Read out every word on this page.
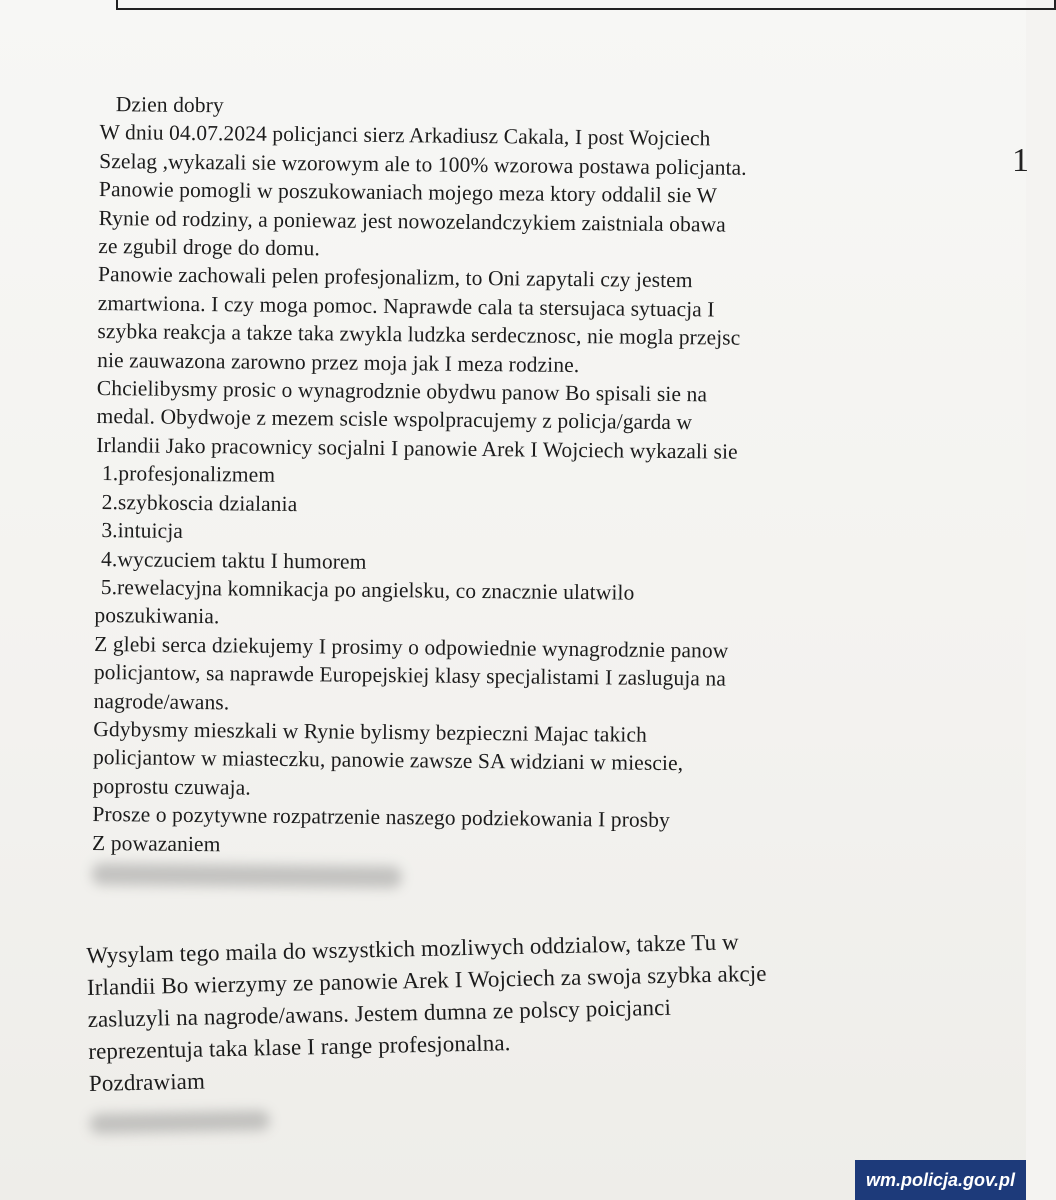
1
Dzien dobry
W dniu 04.07.2024 policjanci sierz Arkadiusz Cakala, I post Wojciech
Szelag ,wykazali sie wzorowym ale to 100% wzorowa postawa policjanta.
Panowie pomogli w poszukowaniach mojego meza ktory oddalil sie W
Rynie od rodziny, a poniewaz jest nowozelandczykiem zaistniala obawa
ze zgubil droge do domu.
Panowie zachowali pelen profesjonalizm, to Oni zapytali czy jestem
zmartwiona. I czy moga pomoc. Naprawde cala ta stersujaca sytuacja I
szybka reakcja a takze taka zwykla ludzka serdecznosc, nie mogla przejsc
nie zauwazona zarowno przez moja jak I meza rodzine.
Chcielibysmy prosic o wynagrodznie obydwu panow Bo spisali sie na
medal. Obydwoje z mezem scisle wspolpracujemy z policja/garda w
Irlandii Jako pracownicy socjalni I panowie Arek I Wojciech wykazali sie
1.profesjonalizmem
2.szybkoscia dzialania
3.intuicja
4.wyczuciem taktu I humorem
5.rewelacyjna komnikacja po angielsku, co znacznie ulatwilo
poszukiwania.
Z glebi serca dziekujemy I prosimy o odpowiednie wynagrodznie panow
policjantow, sa naprawde Europejskiej klasy specjalistami I zasluguja na
nagrode/awans.
Gdybysmy mieszkali w Rynie bylismy bezpieczni Majac takich
policjantow w miasteczku, panowie zawsze SA widziani w miescie,
poprostu czuwaja.
Prosze o pozytywne rozpatrzenie naszego podziekowania I prosby
Z powazaniem
Wysylam tego maila do wszystkich mozliwych oddzialow, takze Tu w
Irlandii Bo wierzymy ze panowie Arek I Wojciech za swoja szybka akcje
zasluzyli na nagrode/awans. Jestem dumna ze polscy poicjanci
reprezentuja taka klase I range profesjonalna.
Pozdrawiam
wm.policja.gov.pl
